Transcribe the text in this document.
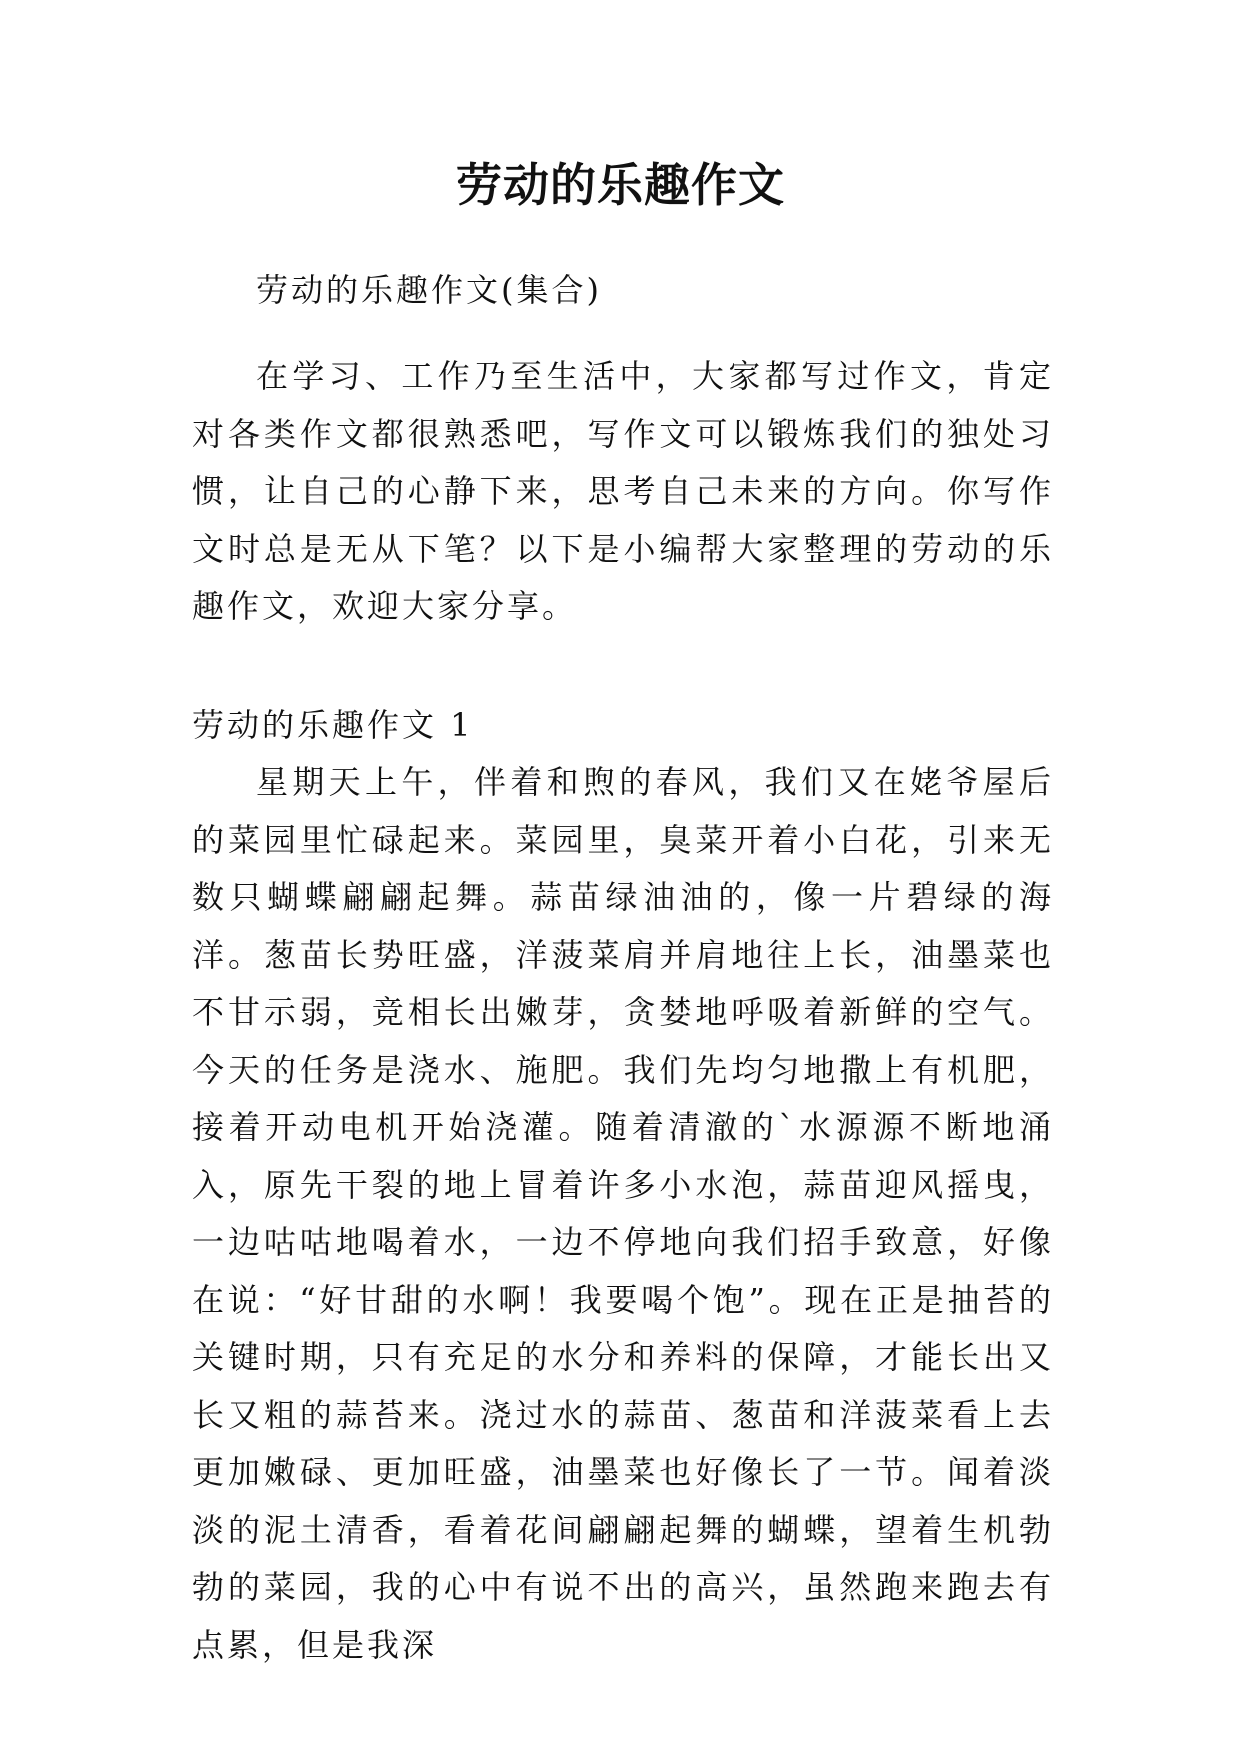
劳动的乐趣作文

劳动的乐趣作文(集合)

在学习、工作乃至生活中，大家都写过作文，肯定对各类作文都很熟悉吧，写作文可以锻炼我们的独处习惯，让自己的心静下来，思考自己未来的方向。你写作文时总是无从下笔？以下是小编帮大家整理的劳动的乐趣作文，欢迎大家分享。

劳动的乐趣作文 1

星期天上午，伴着和煦的春风，我们又在姥爷屋后的菜园里忙碌起来。菜园里，臭菜开着小白花，引来无数只蝴蝶翩翩起舞。蒜苗绿油油的，像一片碧绿的海洋。葱苗长势旺盛，洋菠菜肩并肩地往上长，油墨菜也不甘示弱，竞相长出嫩芽，贪婪地呼吸着新鲜的空气。今天的任务是浇水、施肥。我们先均匀地撒上有机肥，接着开动电机开始浇灌。随着清澈的`水源源不断地涌入，原先干裂的地上冒着许多小水泡，蒜苗迎风摇曳，一边咕咕地喝着水，一边不停地向我们招手致意，好像在说：“好甘甜的水啊！我要喝个饱”。现在正是抽苔的关键时期，只有充足的水分和养料的保障，才能长出又长又粗的蒜苔来。浇过水的蒜苗、葱苗和洋菠菜看上去更加嫩碌、更加旺盛，油墨菜也好像长了一节。闻着淡淡的泥土清香，看着花间翩翩起舞的蝴蝶，望着生机勃勃的菜园，我的心中有说不出的高兴，虽然跑来跑去有点累，但是我深
